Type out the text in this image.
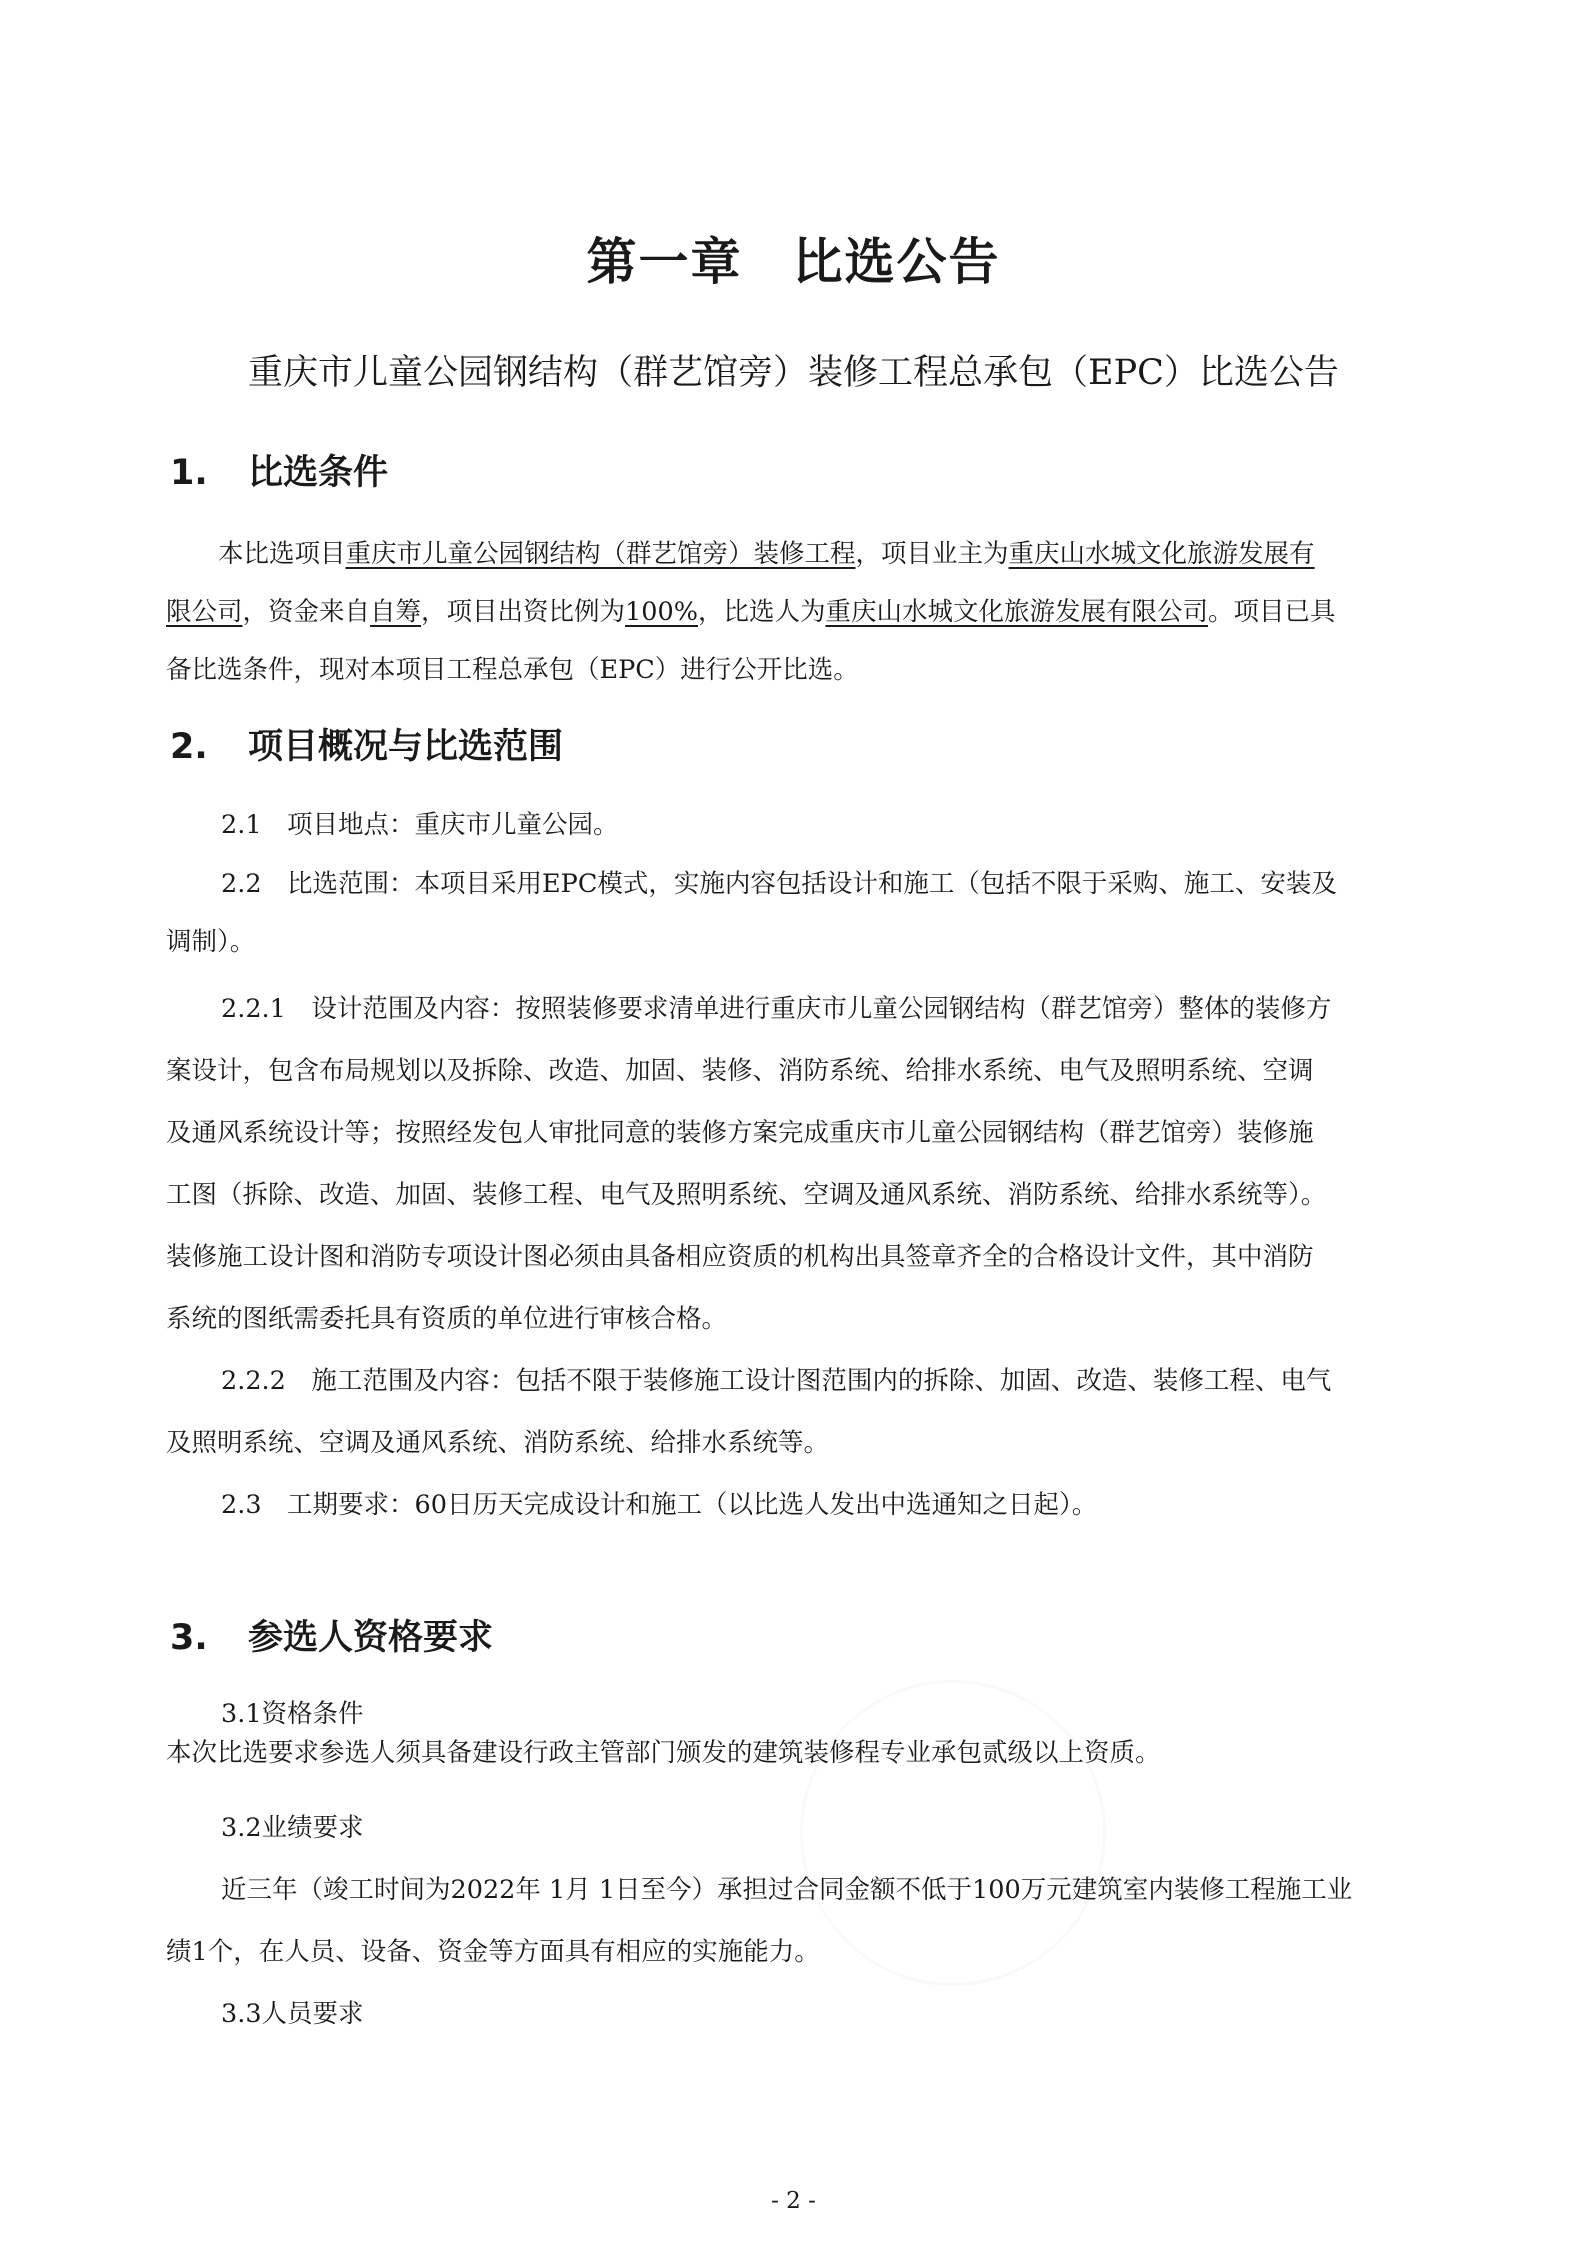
第一章 比选公告
重庆市儿童公园钢结构（群艺馆旁）装修工程总承包（EPC）比选公告
1. 比选条件
本比选项目重庆市儿童公园钢结构（群艺馆旁）装修工程，项目业主为重庆山水城文化旅游发展有
限公司，资金来自自筹，项目出资比例为100%，比选人为重庆山水城文化旅游发展有限公司。项目已具
备比选条件，现对本项目工程总承包（EPC）进行公开比选。
2. 项目概况与比选范围
2.1　项目地点：重庆市儿童公园。
2.2　比选范围：本项目采用EPC模式，实施内容包括设计和施工（包括不限于采购、施工、安装及
调制）。
2.2.1　设计范围及内容：按照装修要求清单进行重庆市儿童公园钢结构（群艺馆旁）整体的装修方
案设计，包含布局规划以及拆除、改造、加固、装修、消防系统、给排水系统、电气及照明系统、空调
及通风系统设计等；按照经发包人审批同意的装修方案完成重庆市儿童公园钢结构（群艺馆旁）装修施
工图（拆除、改造、加固、装修工程、电气及照明系统、空调及通风系统、消防系统、给排水系统等）。
装修施工设计图和消防专项设计图必须由具备相应资质的机构出具签章齐全的合格设计文件，其中消防
系统的图纸需委托具有资质的单位进行审核合格。
2.2.2　施工范围及内容：包括不限于装修施工设计图范围内的拆除、加固、改造、装修工程、电气
及照明系统、空调及通风系统、消防系统、给排水系统等。
2.3　工期要求：60日历天完成设计和施工（以比选人发出中选通知之日起）。
3. 参选人资格要求
3.1资格条件
本次比选要求参选人须具备建设行政主管部门颁发的建筑装修程专业承包贰级以上资质。
3.2业绩要求
近三年（竣工时间为2022年 1月 1日至今）承担过合同金额不低于100万元建筑室内装修工程施工业
绩1个，在人员、设备、资金等方面具有相应的实施能力。
3.3人员要求
- 2 -
